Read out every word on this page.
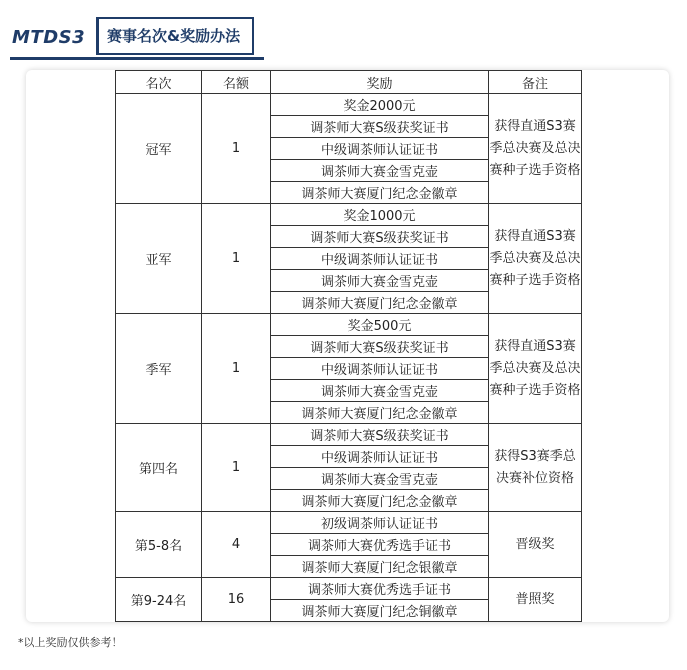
MTDS3	赛事名次&奖励办法
名次	名额	奖励	备注
冠军	1	奖金2000元	获得直通S3赛季总决赛及总决赛种子选手资格
		调茶师大赛S级获奖证书	
		中级调茶师认证证书	
		调茶师大赛金雪克壶	
		调茶师大赛厦门纪念金徽章	
亚军	1	奖金1000元	获得直通S3赛季总决赛及总决赛种子选手资格
		调茶师大赛S级获奖证书	
		中级调茶师认证证书	
		调茶师大赛金雪克壶	
		调茶师大赛厦门纪念金徽章	
季军	1	奖金500元	获得直通S3赛季总决赛及总决赛种子选手资格
		调茶师大赛S级获奖证书	
		中级调茶师认证证书	
		调茶师大赛金雪克壶	
		调茶师大赛厦门纪念金徽章	
第四名	1	调茶师大赛S级获奖证书	获得S3赛季总决赛补位资格
		中级调茶师认证证书	
		调茶师大赛金雪克壶	
		调茶师大赛厦门纪念金徽章	
第5-8名	4	初级调茶师认证证书	晋级奖
		调茶师大赛优秀选手证书	
		调茶师大赛厦门纪念银徽章	
第9-24名	16	调茶师大赛优秀选手证书	普照奖
		调茶师大赛厦门纪念铜徽章	
*以上奖励仅供参考！
